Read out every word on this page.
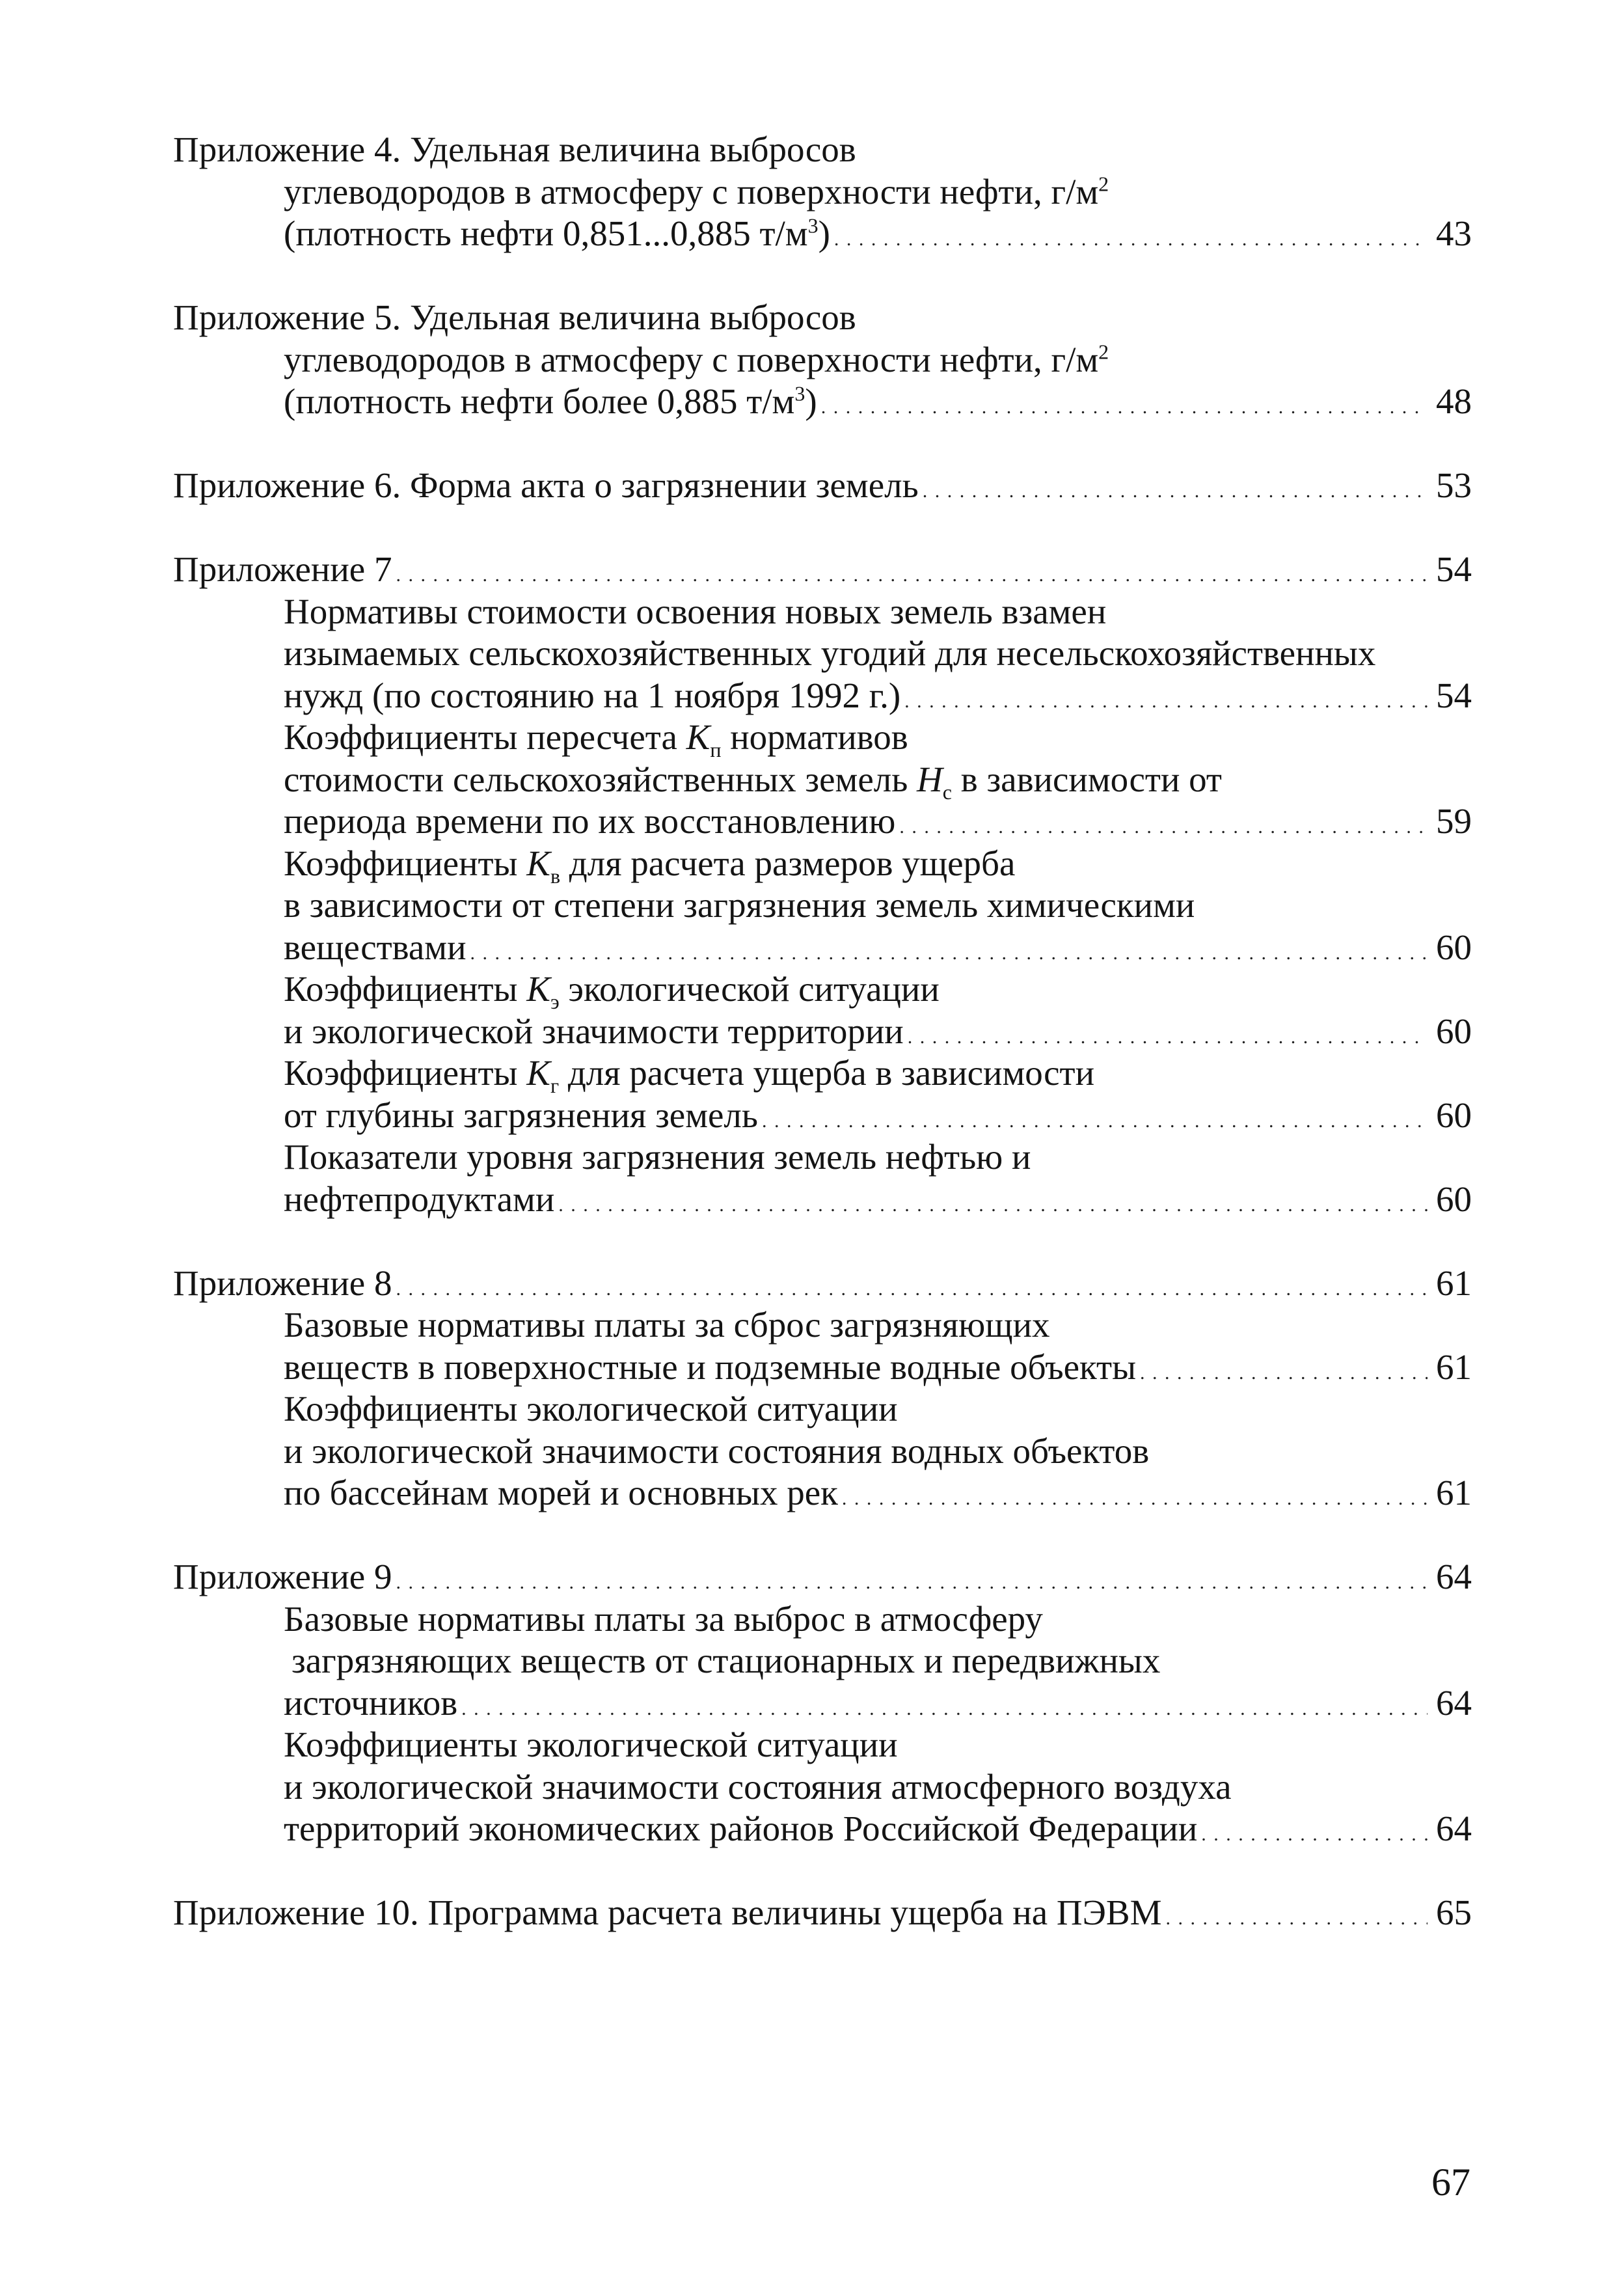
Приложение 4. Удельная величина выбросов
углеводородов в атмосферу с поверхности нефти, $г/м^2$
(плотность нефти 0,851...0,885 $т/м^3$) . . .	43
Приложение 5. Удельная величина выбросов
углеводородов в атмосферу с поверхности нефти, $г/м^2$
(плотность нефти более 0,885 $т/м^3$) . . .	48
Приложение 6. Форма акта о загрязнении земель . . .	53
Приложение 7 . . .	54
Нормативы стоимости освоения новых земель взамен
изымаемых сельскохозяйственных угодий для несельскохозяйственных
нужд (по состоянию на 1 ноября 1992 г.) . . .	54
Коэффициенты пересчета $K_п$ нормативов
стоимости сельскохозяйственных земель $H_c$ в зависимости от
периода времени по их восстановлению . . .	59
Коэффициенты $K_в$ для расчета размеров ущерба
в зависимости от степени загрязнения земель химическими
веществами . . .	60
Коэффициенты $K_э$ экологической ситуации
и экологической значимости территории . . .	60
Коэффициенты $K_г$ для расчета ущерба в зависимости
от глубины загрязнения земель . . .	60
Показатели уровня загрязнения земель нефтью и
нефтепродуктами . . .	60
Приложение 8 . . .	61
Базовые нормативы платы за сброс загрязняющих
веществ в поверхностные и подземные водные объекты . . .	61
Коэффициенты экологической ситуации
и экологической значимости состояния водных объектов
по бассейнам морей и основных рек . . .	61
Приложение 9 . . .	64
Базовые нормативы платы за выброс в атмосферу
загрязняющих веществ от стационарных и передвижных
источников . . .	64
Коэффициенты экологической ситуации
и экологической значимости состояния атмосферного воздуха
территорий экономических районов Российской Федерации . . .	64
Приложение 10. Программа расчета величины ущерба на ПЭВМ . . .	65
67
